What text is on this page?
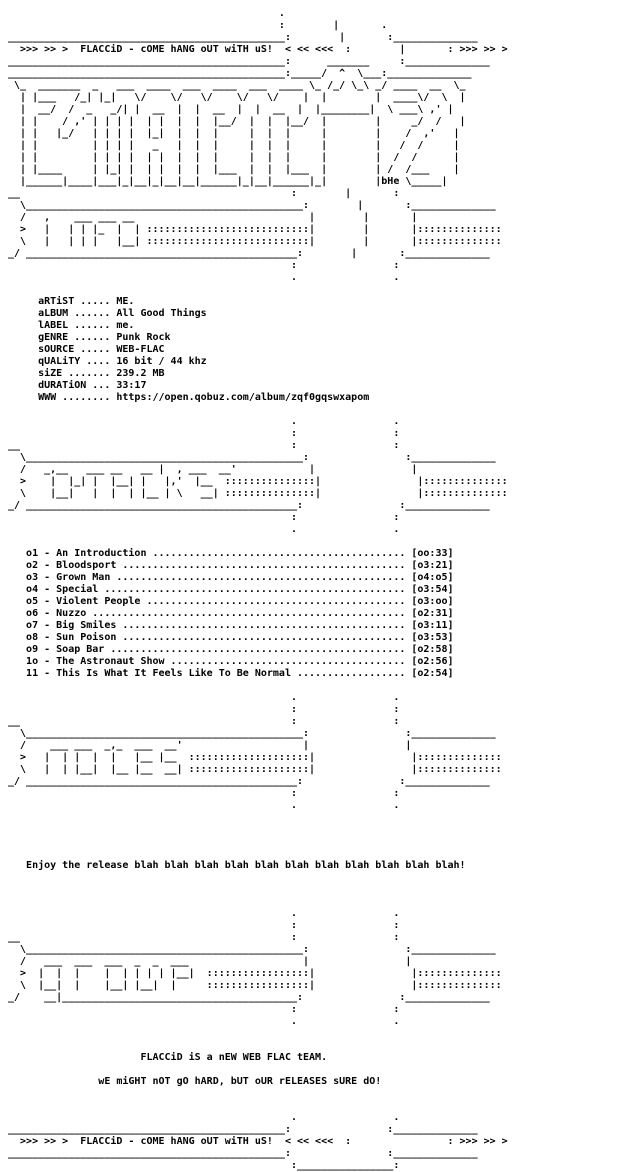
.
:        |       .
______________________________________________:        |       :______________
>>> >> >  FLACCiD - cOME hANG oUT wiTH uS!  < << <<<  :        |       : >>> >> >
______________________________________________:      _______     :______________
______________________________________________:_____/  ^  \___:______________
\_  _______  _   ___  ____  ___  ____  ___  ____ \_ /_/ \_\ _/ ____  __  \_
| |___   /_| |_|   \/    \/   \/    \/   \/    |  |        |  ____\/  \  |
|  __/  /  _   _/| |  __  |  |  __  |  |  __  |  |________|  \ ___\ ,' |
| |    / ,' | | | |  | |  |  |  |__/  |  |  |__/  |        |     _/  /   |
| |   |_/   | | | |  |_|  |  |  |     |  |  |     |        |    /  ,'   |
| |         | | | |   _   |  |  |     |  |  |     |        |   /  /     |
| |         | | | |  | |  |  |  |     |  |  |     |        |  /  /      |
| |____     | |_| |  | |  |  |  |___  |  |  |___  |        | /  /___    |
|______|____|___|_|__|_|__|__|______|_|__|______|_|        |bHe \_____|
__                                             :        |       :
\______________________________________________:        |       :______________
/   ,    ___ ___ __                             |        |       |
>   |   | | |_  |  | :::::::::::::::::::::::::::|        |       |::::::::::::::
\   |   | | |   |__| :::::::::::::::::::::::::::|        |       |::::::::::::::
_/ _____________________________________________:        |       :______________
:                :
.                .
aRTiST ..... ME.
aLBUM ...... All Good Things
lABEL ...... me.
gENRE ...... Punk Rock
sOURCE ..... WEB-FLAC
qUALiTY .... 16 bit / 44 khz
siZE ....... 239.2 MB
dURATiON ... 33:17
WWW ........ https://open.qobuz.com/album/zqf0gqswxapom
.                .
:                :
__                                             :                :
\______________________________________________:                :______________
/   _,__   ___ __   __ |  , ___  __'            |                |
>    |  |_| |  |__| |   |,'  |__  :::::::::::::::|                |::::::::::::::
\    |__|   |  |  | |__ | \   __| :::::::::::::::|                |::::::::::::::
_/ _____________________________________________:                :______________
:                :
.                .
o1 - An Introduction .......................................... [oo:33]
o2 - Bloodsport ............................................... [o3:21]
o3 - Grown Man ................................................ [o4:o5]
o4 - Special .................................................. [o3:54]
o5 - Violent People ........................................... [o3:oo]
o6 - Nuzzo .................................................... [o2:31]
o7 - Big Smiles ............................................... [o3:11]
o8 - Sun Poison ............................................... [o3:53]
o9 - Soap Bar ................................................. [o2:58]
1o - The Astronaut Show ....................................... [o2:56]
11 - This Is What It Feels Like To Be Normal .................. [o2:54]
.                .
:                :
__                                             :                :
\______________________________________________:                :______________
/    ___ ___  _,_  ___  __'                    |                |
>   |  | |  |  |   |__ |__  ::::::::::::::::::::|                |::::::::::::::
\   |  | |__|  |__ |__  __| ::::::::::::::::::::|                |::::::::::::::
_/ _____________________________________________:                :______________
:                :
.                .
Enjoy the release blah blah blah blah blah blah blah blah blah blah blah!
.                .
:                :
__                                             :                :
\______________________________________________:                :______________
/   ___  ___  ___  _  _  ___                   |                |
>  |  |  |    |  | | | | |__|  :::::::::::::::::|                |::::::::::::::
\  |__|  |    |__| |__|  |     :::::::::::::::::|                |::::::::::::::
_/    __|_______________________________________:                :______________
:                :
.                .
FLACCiD iS a nEW WEB FLAC tEAM.
wE miGHT nOT gO hARD, bUT oUR rELEASES sURE dO!
.                .
______________________________________________:                :______________
>>> >> >  FLACCiD - cOME hANG oUT wiTH uS!  < << <<<  :                : >>> >> >
______________________________________________:                :______________
:________________:
